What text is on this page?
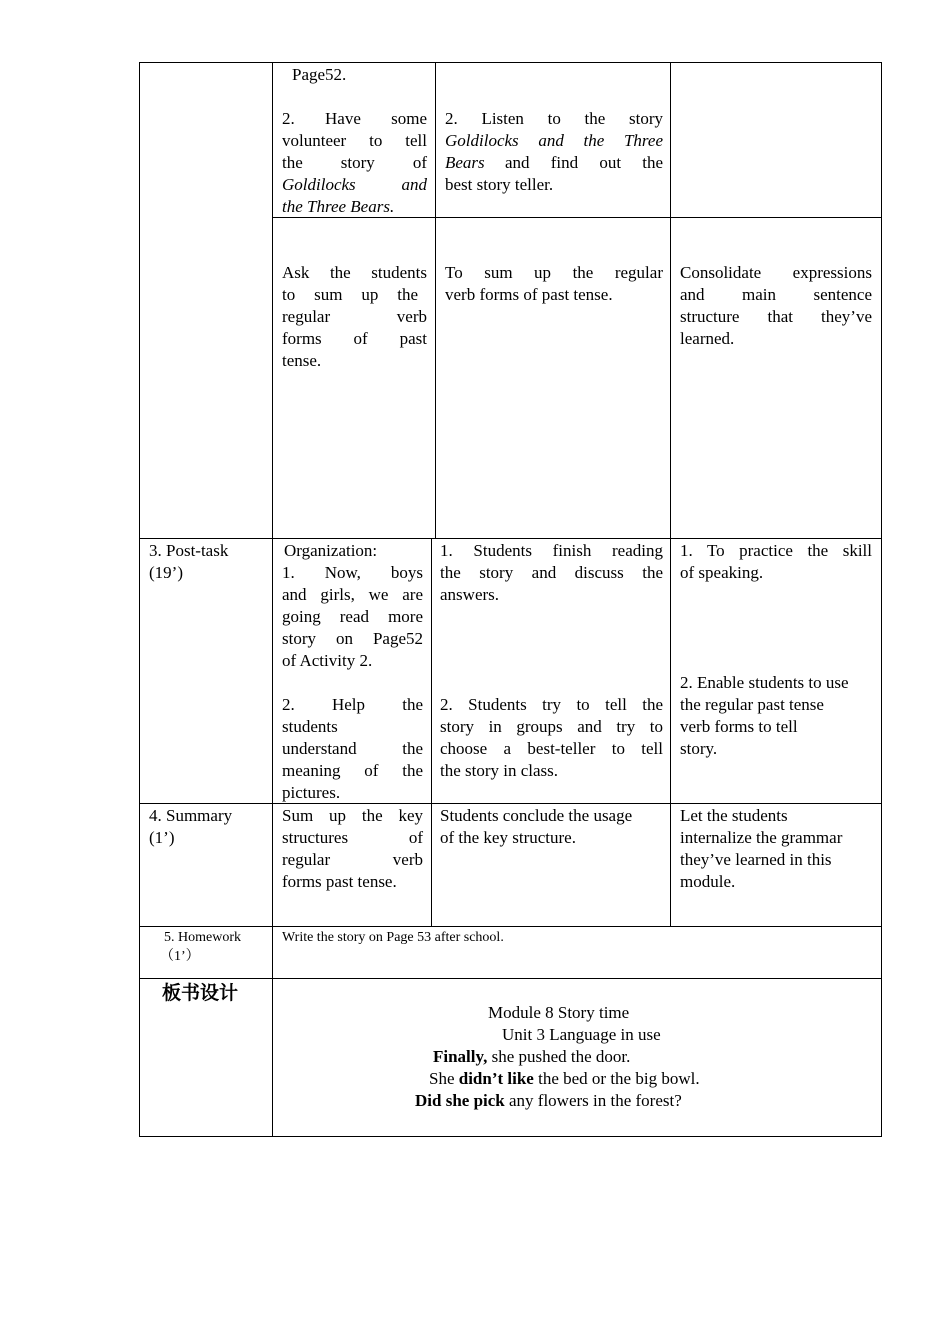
Page52.
2. Have some
volunteer to tell
the story of
Goldilocks and
the Three Bears.
2. Listen to the story
Goldilocks and the Three
Bears and find out the
best story teller.
Ask the students
to sum up the
regular verb
forms of past
tense.
To sum up the regular
verb forms of past tense.
Consolidate expressions
and main sentence
structure that they’ve
learned.
3. Post-task
(19’)
Organization:
1. Now, boys
and girls, we are
going read more
story on Page52
of Activity 2.
2. Help the
students
understand the
meaning of the
pictures.
1. Students finish reading
the story and discuss the
answers.
2. Students try to tell the
story in groups and try to
choose a best-teller to tell
the story in class.
1. To practice the skill
of speaking.
2. Enable students to use
the regular past tense
verb forms to tell
story.
4. Summary
(1’)
Sum up the key
structures of
regular verb
forms past tense.
Students conclude the usage
of the key structure.
Let the students
internalize the grammar
they’ve learned in this
module.
5. Homework
（1’）
Write the story on Page 53 after school.
板书设计
Module 8 Story time
Unit 3 Language in use
Finally, she pushed the door.
She didn’t like the bed or the big bowl.
Did she pick any flowers in the forest?
